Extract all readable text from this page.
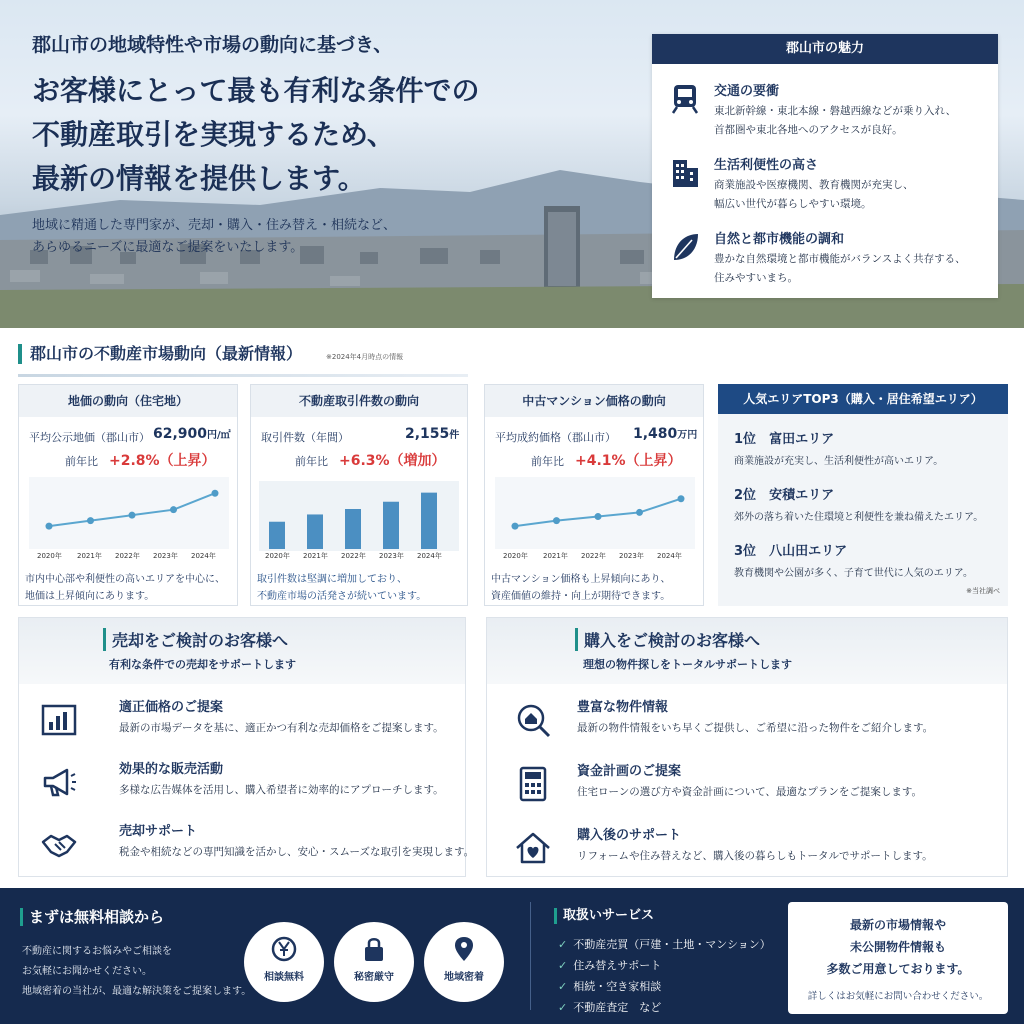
郡山市の地域特性や市場の動向に基づき、
お客様にとって最も有利な条件での
不動産取引を実現するため、
最新の情報を提供します。
地域に精通した専門家が、売却・購入・住み替え・相続など、
あらゆるニーズに最適なご提案をいたします。
郡山市の魅力
交通の要衝
東北新幹線・東北本線・磐越西線などが乗り入れ、
首都圏や東北各地へのアクセスが良好。
生活利便性の高さ
商業施設や医療機関、教育機関が充実し、
幅広い世代が暮らしやすい環境。
自然と都市機能の調和
豊かな自然環境と都市機能がバランスよく共存する、
住みやすいまち。
郡山市の不動産市場動向（最新情報）	※2024年4月時点の情報
地価の動向（住宅地）
平均公示地価（郡山市） 62,900円/㎡
前年比 +2.8%（上昇）
2020年 2021年 2022年 2023年 2024年
市内中心部や利便性の高いエリアを中心に、
地価は上昇傾向にあります。
不動産取引件数の動向
取引件数（年間）	2,155件
前年比 +6.3%（増加）
2020年 2021年 2022年 2023年 2024年
取引件数は堅調に増加しており、
不動産市場の活発さが続いています。
中古マンション価格の動向
平均成約価格（郡山市） 1,480万円
前年比 +4.1%（上昇）
2020年 2021年 2022年 2023年 2024年
中古マンション価格も上昇傾向にあり、
資産価値の維持・向上が期待できます。
人気エリアTOP3（購入・居住希望エリア）
1位　 富田エリア
商業施設が充実し、生活利便性が高いエリア。
2位　 安積エリア
郊外の落ち着いた住環境と利便性を兼ね備えたエリア。
3位　 八山田エリア
教育機関や公園が多く、子育て世代に人気のエリア。
※当社調べ
売却をご検討のお客様へ
有利な条件での売却をサポートします
適正価格のご提案
最新の市場データを基に、適正かつ有利な売却価格をご提案します。
効果的な販売活動
多様な広告媒体を活用し、購入希望者に効率的にアプローチします。
売却サポート
税金や相続などの専門知識を活かし、安心・スムーズな取引を実現します。
購入をご検討のお客様へ
理想の物件探しをトータルサポートします
豊富な物件情報
最新の物件情報をいち早くご提供し、ご希望に沿った物件をご紹介します。
資金計画のご提案
住宅ローンの選び方や資金計画について、最適なプランをご提案します。
購入後のサポート
リフォームや住み替えなど、購入後の暮らしもトータルでサポートします。
まずは無料相談から
不動産に関するお悩みやご相談を
お気軽にお聞かせください。
地域密着の当社が、最適な解決策をご提案します。
相談無料	秘密厳守	地域密着
取扱いサービス
✓ 不動産売買（戸建・土地・マンション）
✓ 住み替えサポート
✓ 相続・空き家相談
✓ 不動産査定　など
最新の市場情報や
未公開物件情報も
多数ご用意しております。
詳しくはお気軽にお問い合わせください。
